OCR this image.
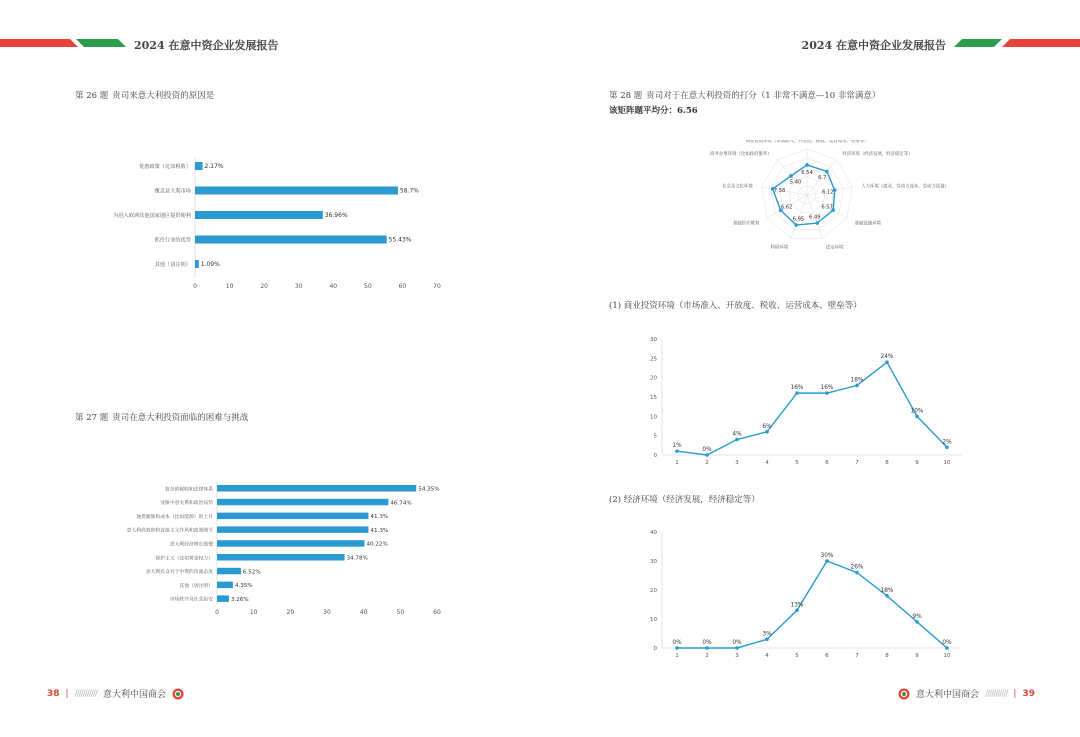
2024 在意中资企业发展报告	2024 在意中资企业发展报告
第 26 题 贵司来意大利投资的原因是
0	10	20	30	40	50	60	70
优惠政策（比如税收） 2.17%
覆盖意大利市场	58.7%
为进入欧洲其他国家地区提供便利	36.96%
抓住行业的优势	55.43%
其他（请注明） 1.09%
第 27 题 贵司在意大利投资面临的困难与挑战
0	10	20	30	40	50	60
复杂的税收和法律体系	54.35%
受限中意关系和政治局势	46.74%
通货膨胀和成本（比如能源）的上升	41.3%
意大利高效的和直接主义作风和政策细节	41.3%
意大利经济增长缓慢	40.22%
保护主义（比如黄金权力）	34.78%
意大利民众对于中资的负面态度	6.52%
其他（请注明）	4.35%
市场秩序及社会治安	3.26%
第 28 题 贵司对于在意大利投资的打分（1 非常不满意—10 非常满意）
该矩阵题平均分：6.56
商业投资环境（市场准入、开放度、税收、运营成本、壁垒等）
经济环境（经济发展、经济稳定等）
人力环境（就业、劳动力成本、劳动力质量）
基础设施环境
法定环境
科研环境
基础医疗教育
社会及文化环境
商务办事环境（比如政府服务）
6.54
6.7
6.12
6.57
6.49
6.95
6.62
7.58
5.40
(1) 商业投资环境（市场准入、开放度、税收、运营成本、壁垒等）
0
5
10
15
20
25
30
1	2	3	4	5	6	7	8	9	10
1%
0%
4%
6%
16%	16%
18%
24%
10%
2%
(2) 经济环境（经济发展，经济稳定等）
0
10
20
30
40
1	2	3	4	5	6	7	8	9	10
0%	0%	0%
3%
13%
30%
26%
18%
9%
0%
38 | /////////// 意大利中国商会	意大利中国商会 /////////// | 39
